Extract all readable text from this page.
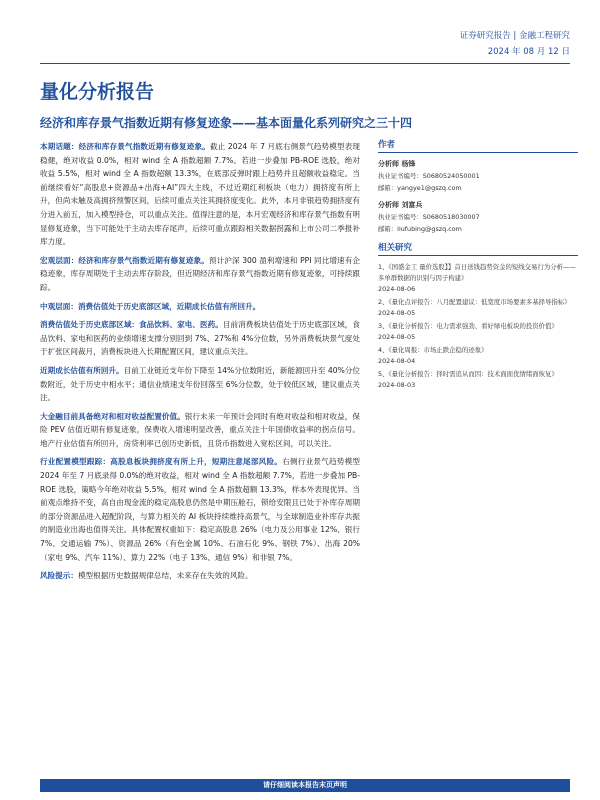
证券研究报告 | 金融工程研究
2024 年 08 月 12 日
量化分析报告
经济和库存景气指数近期有修复迹象——基本面量化系列研究之三十四

本期话题：经济和库存景气指数近期有修复迹象。截止 2024 年 7 月底右侧景气趋势模型表现稳健，绝对收益 0.0%，相对 wind 全 A 指数超额 7.7%。若进一步叠加 PB-ROE 选股，绝对收益 5.5%，相对 wind 全 A 指数超额 13.3%，在底部反弹时跟上趋势并且超额收益稳定。当前继续看好“高股息+资源品+出海+AI”四大主线，不过近期红利板块（电力）拥挤度有所上升，但尚未触及高拥挤预警区间，后续可重点关注其拥挤度变化。此外，本月非银趋势拥挤度有分进入前五，加入模型持仓，可以重点关注。值得注意的是，本月宏观经济和库存景气指数有明显修复迹象，当下可能处于主动去库存尾声，后续可重点跟踪相关数据拐露和上市公司二季报补库力度。

宏观层面：经济和库存景气指数近期有修复迹象。预计沪深 300 盈利增速和 PPI 同比增速有企稳迹象，库存周期处于主动去库存阶段，但近期经济和库存景气指数近期有修复迹象，可持续跟踪。

中观层面：消费估值处于历史底部区域，近期成长估值有所回升。

消费估值处于历史底部区域：食品饮料、家电、医药。目前消费板块估值处于历史底部区域，食品饮料、家电和医药的业绩增速支撑分别回到 7%、27%和 4%分位数，另外消费板块景气度处于扩张区间裁月，消费板块进入长期配置区间，建议重点关注。

近期成长估值有所回升。目前工业链近支年份下降至 14%分位数附近，新能源回升至 40%分位数附近，处于历史中相水平；通信业绩速支年份回落至 6%分位数，处于较低区域，建议重点关注。

大金融目前具备绝对和相对收益配置价值。银行未来一年预计会同时有绝对收益和相对收益，保险 PEV 估值近期有修复迹象，保费收入增速明显改善，重点关注十年国债收益率的拐点信号。地产行业估值有所回升，房贷利率已创历史新低，且货币指数进入宽松区间，可以关注。

行业配置模型跟踪：高股息板块拥挤度有所上升，短期注意尾部风险。右侧行业景气趋势模型 2024 年至 7 月底录得 0.0%的绝对收益，相对 wind 全 A 指数超额 7.7%，若进一步叠加 PB-ROE 选股，策略今年绝对收益 5.5%，相对 wind 全 A 指数超额 13.3%，样本外表现优异。当前观点维持不变，高自由现金流的稳定高股息仍然是中期压舱石，锁给安限且已处于补库存周期的部分资源品进入超配阶段，与算力相关的 AI 板块持续维持高景气，与全球制造业补库存共振的制造业出海也值得关注。具体配置权重如下：稳定高股息 26%（电力及公用事业 12%、银行 7%、交通运输 7%）、资源品 26%（有色金属 10%、石油石化 9%、钢铁 7%）、出海 20%（家电 9%、汽车 11%）、算力 22%（电子 13%、通信 9%）和非银 7%。

风险提示：模型根据历史数据规律总结，未来存在失效的风险。

作者
分析师 杨锋
执业证书编号：S0680524050001
邮箱：yangye1@gszq.com
分析师 刘富兵
执业证书编号：S0680518030007
邮箱：liufubing@gszq.com
相关研究
1、《国盛金工 量价选股】】首日送钱趋势资金的短线交易行为分析——多单群数据的识别与因子构建》
2024-08-06
2、《量化点评报告：八月配置建议：低宽度市场要素多基择导指标》
2024-08-05
3、《量化分析报告：电力需求强劲、看好绿电板块的投资价值》
2024-08-05
4、《量化周报：市场止跌企稳的迹象》
2024-08-04
5、《量化分析报告：择时需追从而因：技术面面优情绪面恢复》
2024-08-03
请仔细阅读本报告末页声明
